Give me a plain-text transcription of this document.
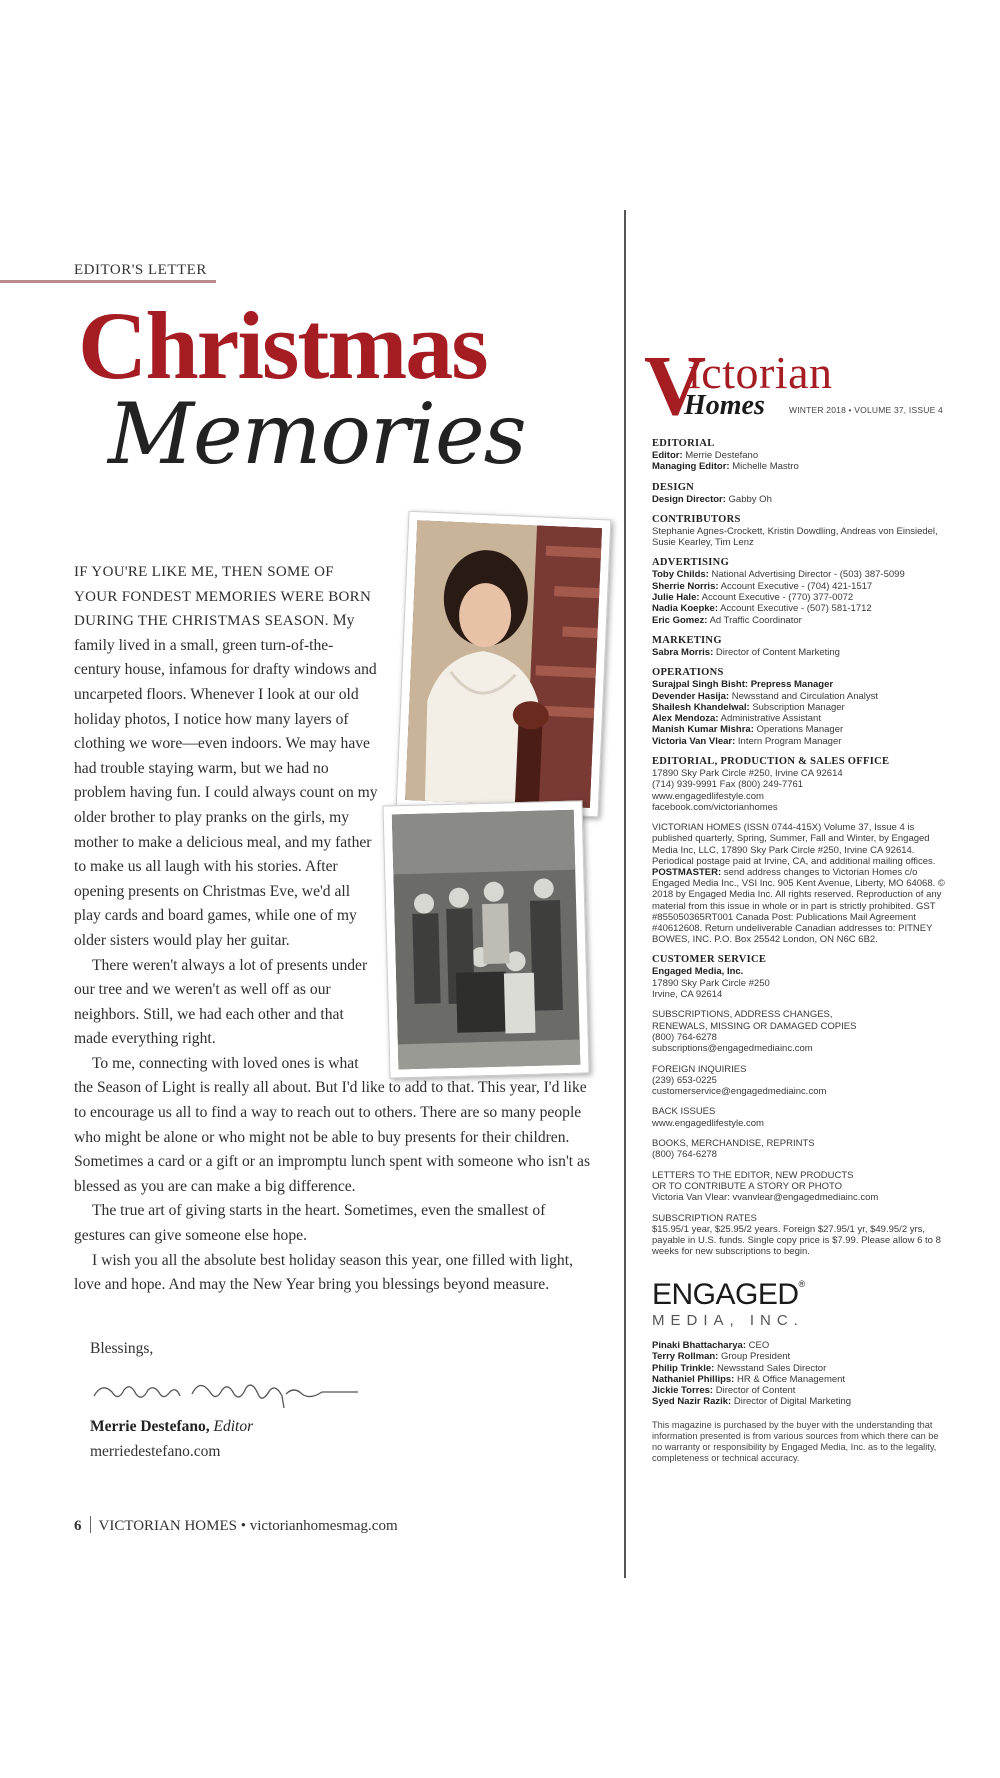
EDITOR'S LETTER
Christmas
Memories

IF YOU'RE LIKE ME, THEN SOME OF YOUR FONDEST MEMORIES WERE BORN DURING THE CHRISTMAS SEASON. My family lived in a small, green turn-of-the-century house, infamous for drafty windows and uncarpeted floors. Whenever I look at our old holiday photos, I notice how many layers of clothing we wore—even indoors. We may have had trouble staying warm, but we had no problem having fun. I could always count on my older brother to play pranks on the girls, my mother to make a delicious meal, and my father to make us all laugh with his stories. After opening presents on Christmas Eve, we'd all play cards and board games, while one of my older sisters would play her guitar.

There weren't always a lot of presents under our tree and we weren't as well off as our neighbors. Still, we had each other and that made everything right.

To me, connecting with loved ones is what the Season of Light is really all about. But I'd like to add to that. This year, I'd like to encourage us all to find a way to reach out to others. There are so many people who might be alone or who might not be able to buy presents for their children. Sometimes a card or a gift or an impromptu lunch spent with someone who isn't as blessed as you are can make a big difference.

The true art of giving starts in the heart. Sometimes, even the smallest of gestures can give someone else hope.

I wish you all the absolute best holiday season this year, one filled with light, love and hope. And may the New Year bring you blessings beyond measure.

Blessings,
Merrie Destefano, Editor
merriedestefano.com
6 VICTORIAN HOMES • victorianhomesmag.com
V
ictorian
Homes	WINTER 2018 • VOLUME 37, ISSUE 4
EDITORIAL
Editor: Merrie Destefano
Managing Editor: Michelle Mastro
DESIGN
Design Director: Gabby Oh
CONTRIBUTORS
Stephanie Agnes-Crockett, Kristin Dowdling, Andreas von Einsiedel, Susie Kearley, Tim Lenz
ADVERTISING
Toby Childs: National Advertising Director - (503) 387-5099
Sherrie Norris: Account Executive - (704) 421-1517
Julie Hale: Account Executive - (770) 377-0072
Nadia Koepke: Account Executive - (507) 581-1712
Eric Gomez: Ad Traffic Coordinator
MARKETING
Sabra Morris: Director of Content Marketing
OPERATIONS
Surajpal Singh Bisht: Prepress Manager
Devender Hasija: Newsstand and Circulation Analyst
Shailesh Khandelwal: Subscription Manager
Alex Mendoza: Administrative Assistant
Manish Kumar Mishra: Operations Manager
Victoria Van Vlear: Intern Program Manager
EDITORIAL, PRODUCTION & SALES OFFICE
17890 Sky Park Circle #250, Irvine CA 92614
(714) 939-9991 Fax (800) 249-7761
www.engagedlifestyle.com
facebook.com/victorianhomes
VICTORIAN HOMES (ISSN 0744-415X) Volume 37, Issue 4 is published quarterly, Spring, Summer, Fall and Winter, by Engaged Media Inc, LLC, 17890 Sky Park Circle #250, Irvine CA 92614. Periodical postage paid at Irvine, CA, and additional mailing offices. POSTMASTER: send address changes to Victorian Homes c/o Engaged Media Inc., VSI Inc. 905 Kent Avenue, Liberty, MO 64068. © 2018 by Engaged Media Inc. All rights reserved. Reproduction of any material from this issue in whole or in part is strictly prohibited. GST #855050365RT001 Canada Post: Publications Mail Agreement #40612608. Return undeliverable Canadian addresses to: PITNEY BOWES, INC. P.O. Box 25542 London, ON N6C 6B2.
CUSTOMER SERVICE
Engaged Media, Inc.
17890 Sky Park Circle #250
Irvine, CA 92614
SUBSCRIPTIONS, ADDRESS CHANGES,
RENEWALS, MISSING OR DAMAGED COPIES
(800) 764-6278
subscriptions@engagedmediainc.com
FOREIGN INQUIRIES
(239) 653-0225
customerservice@engagedmediainc.com
BACK ISSUES
www.engagedlifestyle.com
BOOKS, MERCHANDISE, REPRINTS
(800) 764-6278
LETTERS TO THE EDITOR, NEW PRODUCTS
OR TO CONTRIBUTE A STORY OR PHOTO
Victoria Van Vlear: vvanvlear@engagedmediainc.com
SUBSCRIPTION RATES
$15.95/1 year, $25.95/2 years. Foreign $27.95/1 yr, $49.95/2 yrs, payable in U.S. funds. Single copy price is $7.99. Please allow 6 to 8 weeks for new subscriptions to begin.
ENGAGED®
MEDIA, INC.
Pinaki Bhattacharya: CEO
Terry Rollman: Group President
Philip Trinkle: Newsstand Sales Director
Nathaniel Phillips: HR & Office Management
Jickie Torres: Director of Content
Syed Nazir Razik: Director of Digital Marketing
This magazine is purchased by the buyer with the understanding that information presented is from various sources from which there can be no warranty or responsibility by Engaged Media, Inc. as to the legality, completeness or technical accuracy.
